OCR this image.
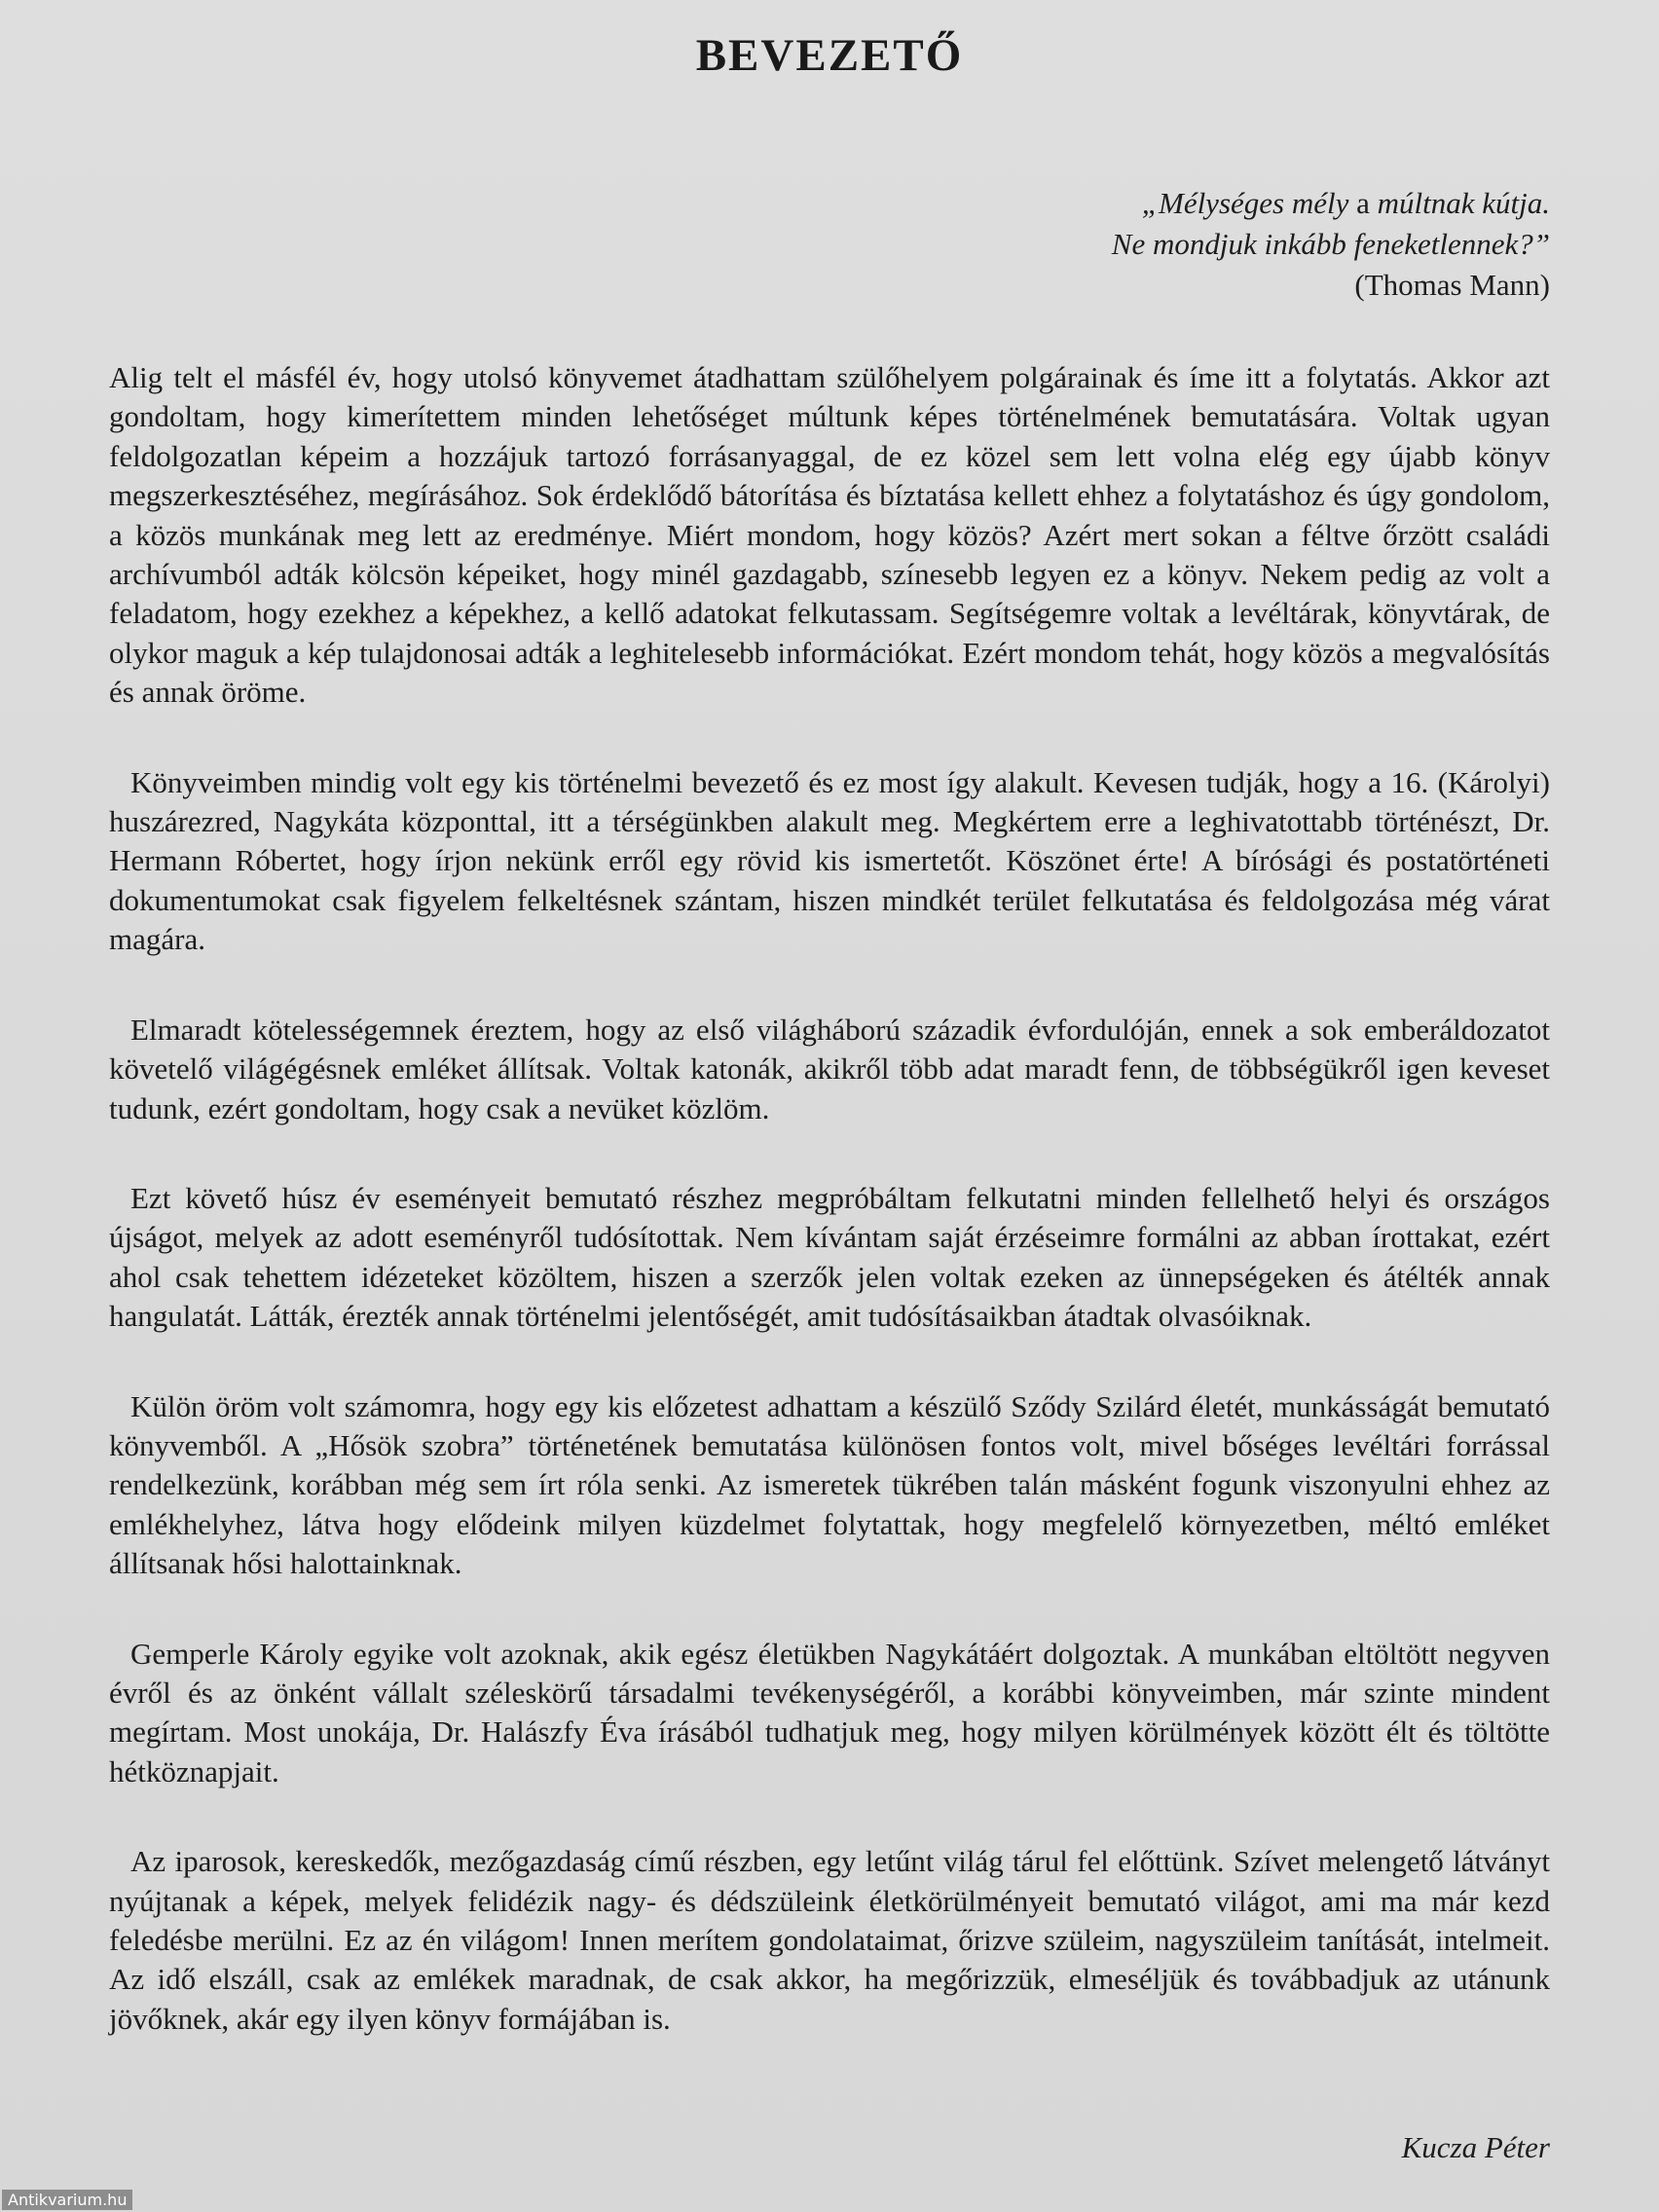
BEVEZETŐ
„Mélységes mély a múltnak kútja.
Ne mondjuk inkább feneketlennek?”
(Thomas Mann)

Alig telt el másfél év, hogy utolsó könyvemet átadhattam szülőhelyem polgárainak és íme itt a folytatás. Akkor azt gondoltam, hogy kimerítettem minden lehetőséget múltunk képes történelmének bemutatására. Voltak ugyan feldolgozatlan képeim a hozzájuk tartozó forrásanyaggal, de ez közel sem lett volna elég egy újabb könyv megszerkesztéséhez, megírásához. Sok érdeklődő bátorítása és bíztatása kellett ehhez a folytatáshoz és úgy gondolom, a közös munkának meg lett az eredménye. Miért mondom, hogy közös? Azért mert sokan a féltve őrzött családi archívumból adták kölcsön képeiket, hogy minél gazdagabb, színesebb legyen ez a könyv. Nekem pedig az volt a feladatom, hogy ezekhez a képekhez, a kellő adatokat felkutassam. Segítségemre voltak a levéltárak, könyvtárak, de olykor maguk a kép tulajdonosai adták a leghitelesebb információkat. Ezért mondom tehát, hogy közös a megvalósítás és annak öröme.

Könyveimben mindig volt egy kis történelmi bevezető és ez most így alakult. Kevesen tudják, hogy a 16. (Károlyi) huszárezred, Nagykáta központtal, itt a térségünkben alakult meg. Megkértem erre a leghivatottabb történészt, Dr. Hermann Róbertet, hogy írjon nekünk erről egy rövid kis ismertetőt. Köszönet érte! A bírósági és postatörténeti dokumentumokat csak figyelem felkeltésnek szántam, hiszen mindkét terület felkutatása és feldolgozása még várat magára.

Elmaradt kötelességemnek éreztem, hogy az első világháború századik évfordulóján, ennek a sok emberáldozatot követelő világégésnek emléket állítsak. Voltak katonák, akikről több adat maradt fenn, de többségükről igen keveset tudunk, ezért gondoltam, hogy csak a nevüket közlöm.

Ezt követő húsz év eseményeit bemutató részhez megpróbáltam felkutatni minden fellelhető helyi és országos újságot, melyek az adott eseményről tudósítottak. Nem kívántam saját érzéseimre formálni az abban írottakat, ezért ahol csak tehettem idézeteket közöltem, hiszen a szerzők jelen voltak ezeken az ünnepségeken és átélték annak hangulatát. Látták, érezték annak történelmi jelentőségét, amit tudósításaikban átadtak olvasóiknak.

Külön öröm volt számomra, hogy egy kis előzetest adhattam a készülő Sződy Szilárd életét, munkásságát bemutató könyvemből. A „Hősök szobra” történetének bemutatása különösen fontos volt, mivel bőséges levéltári forrással rendelkezünk, korábban még sem írt róla senki. Az ismeretek tükrében talán másként fogunk viszonyulni ehhez az emlékhelyhez, látva hogy elődeink milyen küzdelmet folytattak, hogy megfelelő környezetben, méltó emléket állítsanak hősi halottainknak.

Gemperle Károly egyike volt azoknak, akik egész életükben Nagykátáért dolgoztak. A munkában eltöltött negyven évről és az önként vállalt széleskörű társadalmi tevékenységéről, a korábbi könyveimben, már szinte mindent megírtam. Most unokája, Dr. Halászfy Éva írásából tudhatjuk meg, hogy milyen körülmények között élt és töltötte hétköznapjait.

Az iparosok, kereskedők, mezőgazdaság című részben, egy letűnt világ tárul fel előttünk. Szívet melengető látványt nyújtanak a képek, melyek felidézik nagy- és dédszüleink életkörülményeit bemutató világot, ami ma már kezd feledésbe merülni. Ez az én világom! Innen merítem gondolataimat, őrizve szüleim, nagyszüleim tanítását, intelmeit. Az idő elszáll, csak az emlékek maradnak, de csak akkor, ha megőrizzük, elmeséljük és továbbadjuk az utánunk jövőknek, akár egy ilyen könyv formájában is.

Kucza Péter
Antikvarium.hu
